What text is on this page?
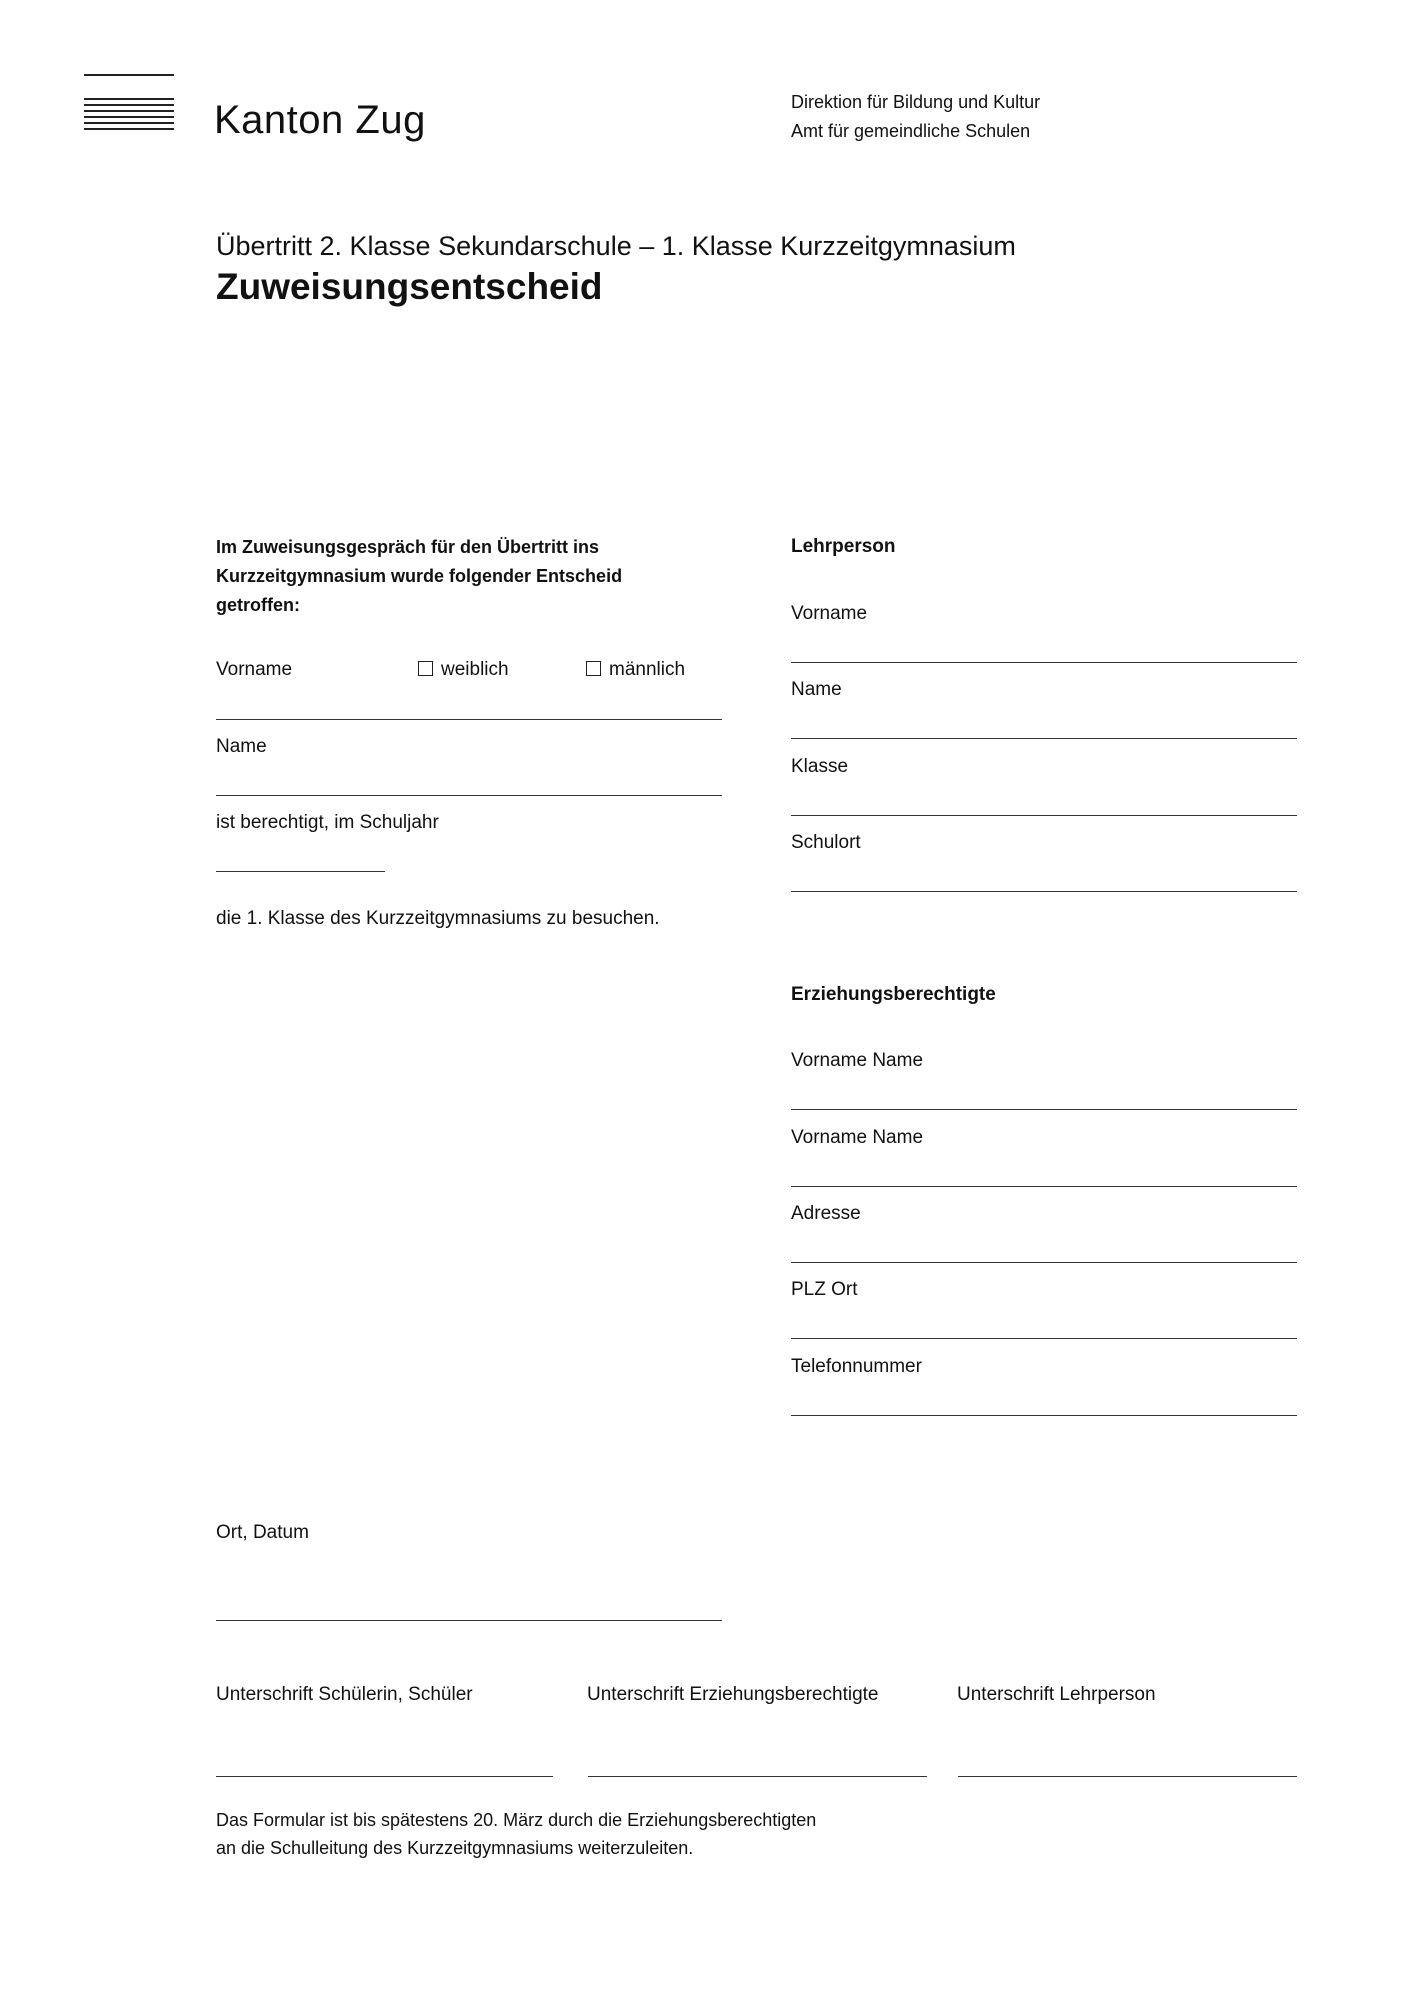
Kanton Zug	Direktion für Bildung und Kultur
Amt für gemeindliche Schulen
Übertritt 2. Klasse Sekundarschule – 1. Klasse Kurzzeitgymnasium
Zuweisungsentscheid
Im Zuweisungsgespräch für den Übertritt ins Kurzzeitgymnasium wurde folgender Entscheid getroffen:
Vorname	weiblich	männlich
Name
ist berechtigt, im Schuljahr
die 1. Klasse des Kurzzeitgymnasiums zu besuchen.
Lehrperson
Vorname
Name
Klasse
Schulort
Erziehungsberechtigte
Vorname Name
Vorname Name
Adresse
PLZ Ort
Telefonnummer
Ort, Datum
Unterschrift Schülerin, Schüler	Unterschrift Erziehungsberechtigte	Unterschrift Lehrperson
Das Formular ist bis spätestens 20. März durch die Erziehungsberechtigten
an die Schulleitung des Kurzzeitgymnasiums weiterzuleiten.
